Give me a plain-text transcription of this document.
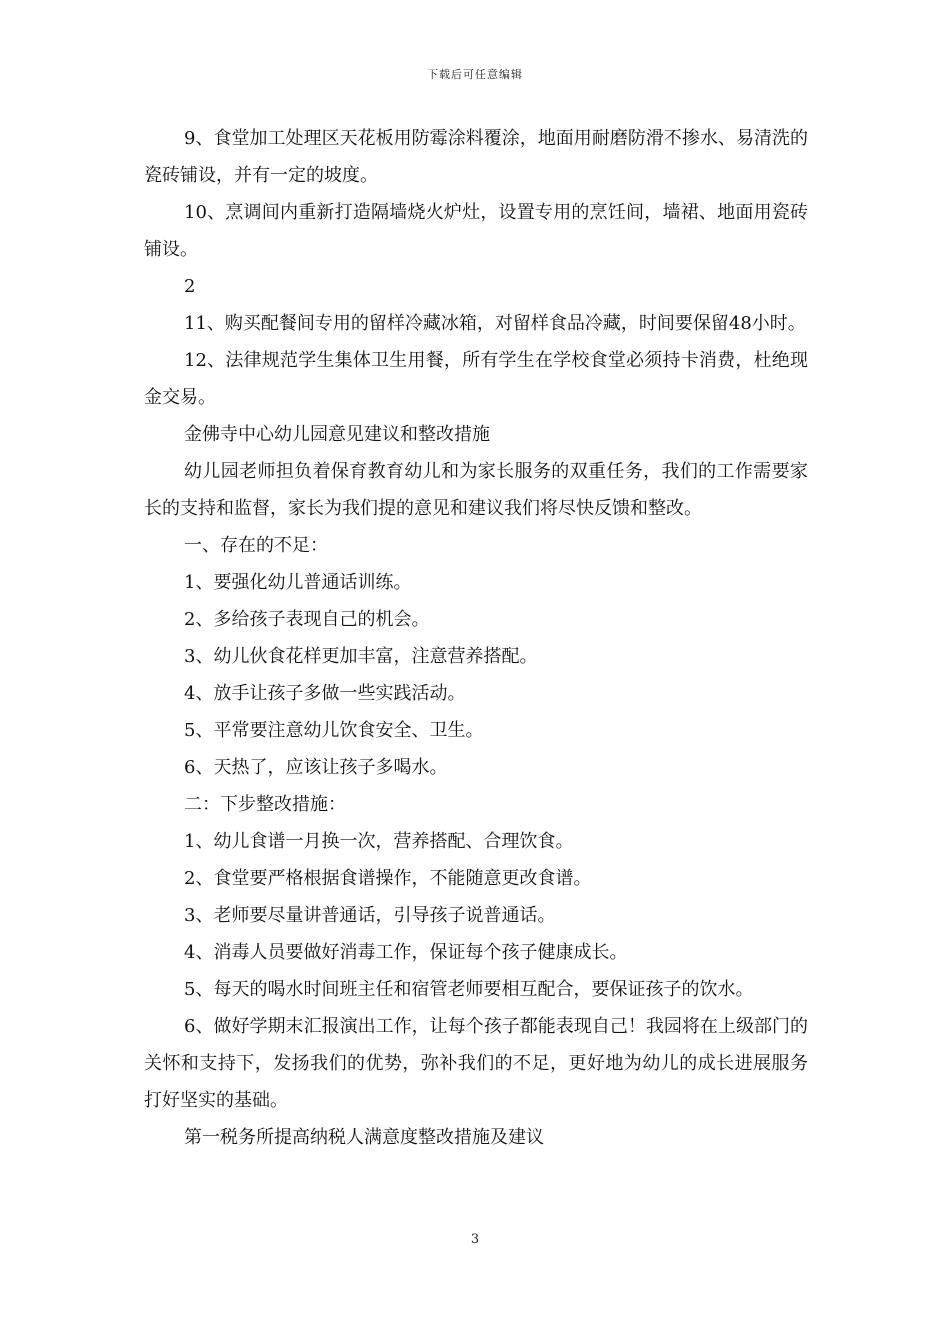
下载后可任意编辑

9、食堂加工处理区天花板用防霉涂料覆涂，地面用耐磨防滑不掺水、易清洗的瓷砖铺设，并有一定的坡度。

10、烹调间内重新打造隔墙烧火炉灶，设置专用的烹饪间，墙裙、地面用瓷砖铺设。

2

11、购买配餐间专用的留样冷藏冰箱，对留样食品冷藏，时间要保留48小时。

12、法律规范学生集体卫生用餐，所有学生在学校食堂必须持卡消费，杜绝现金交易。

金佛寺中心幼儿园意见建议和整改措施

幼儿园老师担负着保育教育幼儿和为家长服务的双重任务，我们的工作需要家长的支持和监督，家长为我们提的意见和建议我们将尽快反馈和整改。

一、存在的不足：

1、要强化幼儿普通话训练。

2、多给孩子表现自己的机会。

3、幼儿伙食花样更加丰富，注意营养搭配。

4、放手让孩子多做一些实践活动。

5、平常要注意幼儿饮食安全、卫生。

6、天热了，应该让孩子多喝水。

二：下步整改措施：

1、幼儿食谱一月换一次，营养搭配、合理饮食。

2、食堂要严格根据食谱操作，不能随意更改食谱。

3、老师要尽量讲普通话，引导孩子说普通话。

4、消毒人员要做好消毒工作，保证每个孩子健康成长。

5、每天的喝水时间班主任和宿管老师要相互配合，要保证孩子的饮水。

6、做好学期末汇报演出工作，让每个孩子都能表现自己！我园将在上级部门的关怀和支持下，发扬我们的优势，弥补我们的不足，更好地为幼儿的成长进展服务打好坚实的基础。

第一税务所提高纳税人满意度整改措施及建议

3
